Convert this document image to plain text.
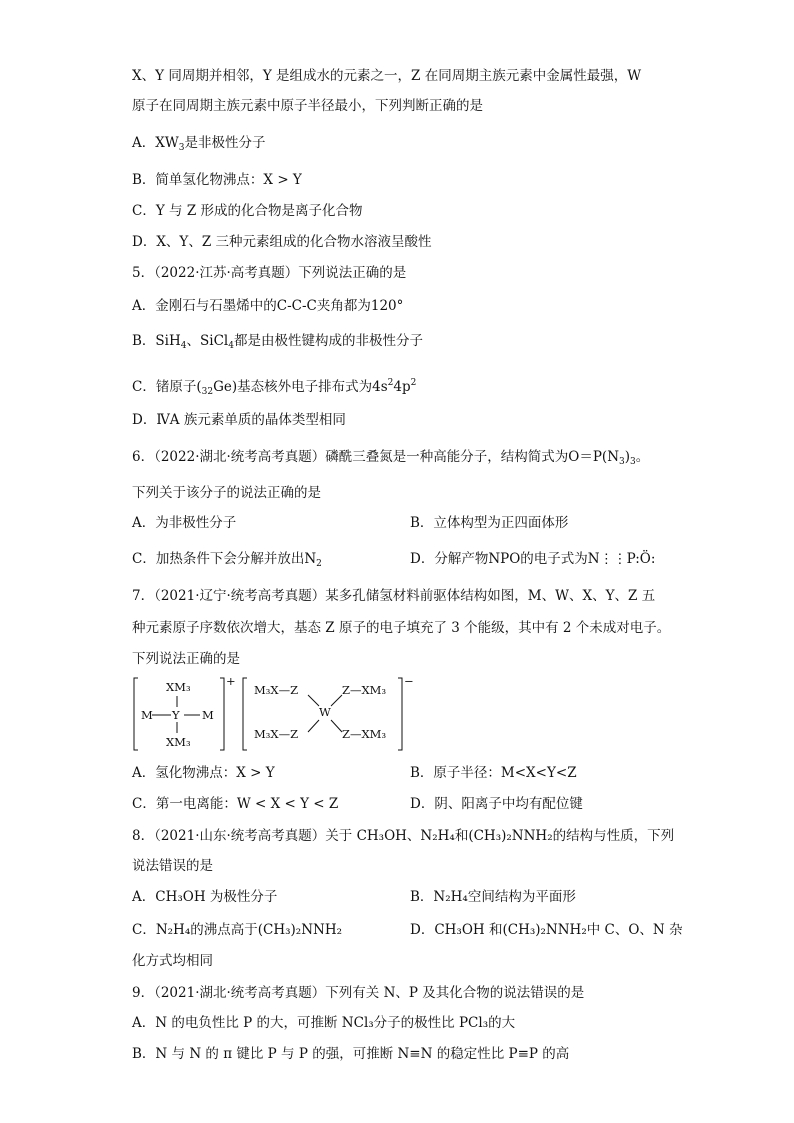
X、Y 同周期并相邻，Y 是组成水的元素之一，Z 在同周期主族元素中金属性最强，W
原子在同周期主族元素中原子半径最小，下列判断正确的是
A．$XW_3$是非极性分子
B．简单氢化物沸点：X > Y
C．Y 与 Z 形成的化合物是离子化合物
D．X、Y、Z 三种元素组成的化合物水溶液呈酸性
5．（2022·江苏·高考真题）下列说法正确的是
A．金刚石与石墨烯中的C-C-C夹角都为120°
B．SiH$_4$、SiCl$_4$都是由极性键构成的非极性分子
C．锗原子$(_{32}Ge)$基态核外电子排布式为$4s^24p^2$
D．ⅣA 族元素单质的晶体类型相同
6．（2022·湖北·统考高考真题）磷酰三叠氮是一种高能分子，结构简式为$O=P(N_3)_3$。
下列关于该分子的说法正确的是
A．为非极性分子	B．立体构型为正四面体形
C．加热条件下会分解并放出$N_2$	D．分解产物NPO的电子式为N⋮⋮P:Ö:
7．（2021·辽宁·统考高考真题）某多孔储氢材料前驱体结构如图，M、W、X、Y、Z 五
种元素原子序数依次增大，基态 Z 原子的电子填充了 3 个能级，其中有 2 个未成对电子。
下列说法正确的是
XM₃
M Y M
XM₃
+
M₃X—Z	Z—XM₃
W
M₃X—Z	Z—XM₃
−
A．氢化物沸点：X > Y	B．原子半径：M<X<Y<Z
C．第一电离能：W < X < Y < Z	D．阴、阳离子中均有配位键
8．（2021·山东·统考高考真题）关于 CH₃OH、N₂H₄和(CH₃)₂NNH₂的结构与性质，下列
说法错误的是
A．CH₃OH 为极性分子	B．N₂H₄空间结构为平面形
C．N₂H₄的沸点高于(CH₃)₂NNH₂	D．CH₃OH 和(CH₃)₂NNH₂中 C、O、N 杂
化方式均相同
9．（2021·湖北·统考高考真题）下列有关 N、P 及其化合物的说法错误的是
A．N 的电负性比 P 的大，可推断 NCl₃分子的极性比 PCl₃的大
B．N 与 N 的 π 键比 P 与 P 的强，可推断 N≡N 的稳定性比 P≡P 的高
